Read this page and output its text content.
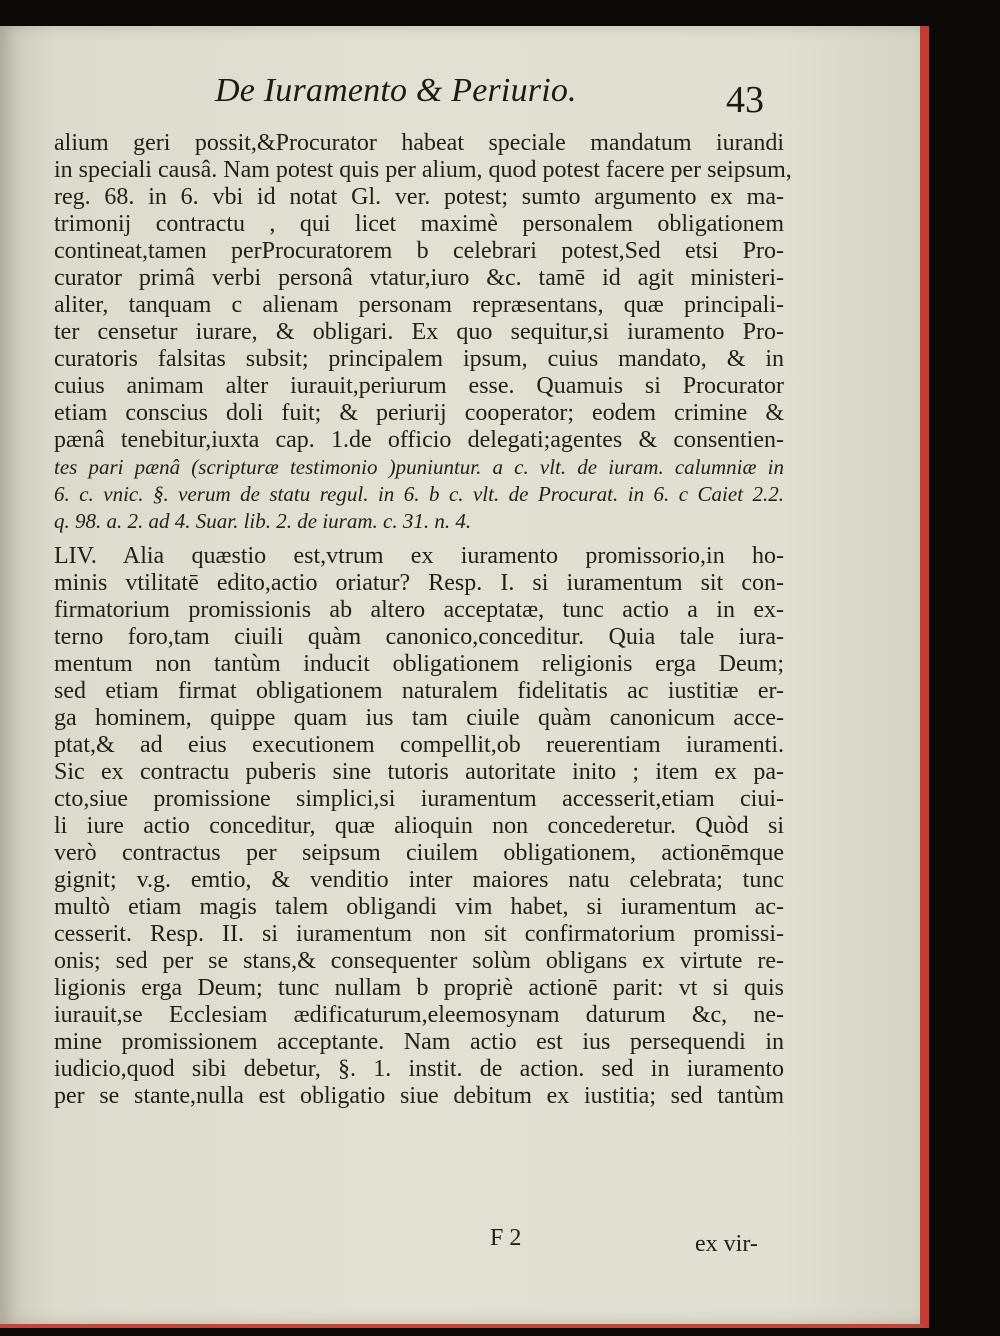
De Iuramento & Periurio.	43
alium geri possit,&Procurator habeat speciale mandatum iurandi
in speciali causâ. Nam potest quis per alium, quod potest facere per seipsum,
reg. 68. in 6. vbi id notat Gl. ver. potest; sumto argumento ex ma-
trimonij contractu , qui licet maximè personalem obligationem
contineat,tamen perProcuratorem b celebrari potest,Sed etsi Pro-
curator primâ verbi personâ vtatur,iuro &c. tamē id agit ministeri-
aliter, tanquam c alienam personam repræsentans, quæ principali-
ter censetur iurare, & obligari. Ex quo sequitur,si iuramento Pro-
curatoris falsitas subsit; principalem ipsum, cuius mandato, & in
cuius animam alter iurauit,periurum esse. Quamuis si Procurator
etiam conscius doli fuit; & periurij cooperator; eodem crimine &
pænâ tenebitur,iuxta cap. 1.de officio delegati;agentes & consentien-
tes pari pænâ (scripturæ testimonio )puniuntur. a c. vlt. de iuram. calumniæ in
6. c. vnic. §. verum de statu regul. in 6. b c. vlt. de Procurat. in 6. c Caiet 2.2.
q. 98. a. 2. ad 4. Suar. lib. 2. de iuram. c. 31. n. 4.
LIV. Alia quæstio est,vtrum ex iuramento promissorio,in ho-
minis vtilitatē edito,actio oriatur? Resp. I. si iuramentum sit con-
firmatorium promissionis ab altero acceptatæ, tunc actio a in ex-
terno foro,tam ciuili quàm canonico,conceditur. Quia tale iura-
mentum non tantùm inducit obligationem religionis erga Deum;
sed etiam firmat obligationem naturalem fidelitatis ac iustitiæ er-
ga hominem, quippe quam ius tam ciuile quàm canonicum acce-
ptat,& ad eius executionem compellit,ob reuerentiam iuramenti.
Sic ex contractu puberis sine tutoris autoritate inito ; item ex pa-
cto,siue promissione simplici,si iuramentum accesserit,etiam ciui-
li iure actio conceditur, quæ alioquin non concederetur. Quòd si
verò contractus per seipsum ciuilem obligationem, actionēmque
gignit; v.g. emtio, & venditio inter maiores natu celebrata; tunc
multò etiam magis talem obligandi vim habet, si iuramentum ac-
cesserit. Resp. II. si iuramentum non sit confirmatorium promissi-
onis; sed per se stans,& consequenter solùm obligans ex virtute re-
ligionis erga Deum; tunc nullam b propriè actionē parit: vt si quis
iurauit,se Ecclesiam ædificaturum,eleemosynam daturum &c, ne-
mine promissionem acceptante. Nam actio est ius persequendi in
iudicio,quod sibi debetur, §. 1. instit. de action. sed in iuramento
per se stante,nulla est obligatio siue debitum ex iustitia; sed tantùm
F 2	ex vir-
